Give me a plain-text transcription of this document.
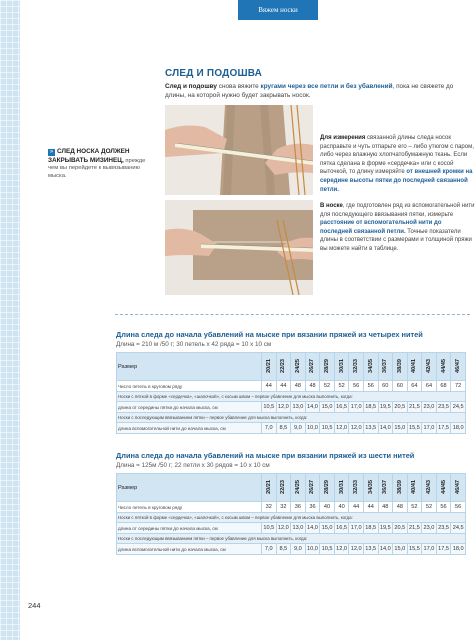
Вяжем носки
СЛЕД И ПОДОШВА
След и подошву снова вяжите кругами через все петли и без убавлений, пока не свяжете до длины, на которой нужно будет закрывать носок.
» СЛЕД НОСКА ДОЛЖЕН ЗАКРЫВАТЬ МИЗИНЕЦ, прежде чем вы перейдете к вывязыванию мыска.
Для измерения связанной длины следа носок расправьте и чуть отпарьте его – либо утюгом с паром, либо через влажную хлопчатобумажную ткань. Если пятка сделана в форме «сердечка» или с косой выточкой, то длину измеряйте от внешней кромки на середине высоты пятки до последней связанной петли.
В носке, где подготовлен ряд из вспомогательной нити для последующего ввязывания пятки, измерьте расстояние от вспомогательной нити до последней связанной петли. Точные показатели длины в соответствии с размерами и толщиной пряжи вы можете найти в таблице.
Длина следа до начала убавлений на мыске при вязании пряжей из четырех нитей
Длина = 210 м /50 г; 30 петель x 42 ряда = 10 x 10 см
Размер	20/21	22/23	24/25	26/27	28/29	30/31	32/33	34/35	36/37	38/39	40/41	42/43	44/45	46/47
Число петель в круговом ряду	44	44	48	48	52	52	56	56	60	60	64	64	68	72
Носки с пяткой в форме «сердечка», «шапочкой», с косым швом – первое убавление для мыска выполнить, когда:														
длина от середины пятки до начала мыска, см	10,5	12,0	13,0	14,0	15,0	16,5	17,0	18,5	19,5	20,5	21,5	23,0	23,5	24,5
Носки с последующим ввязыванием пятки – первое убавление для мыска выполнить, когда:														
длина вспомогательной нити до начала мыска, см	7,0	8,5	9,0	10,0	10,5	12,0	12,0	13,5	14,0	15,0	15,5	17,0	17,5	18,0
Длина следа до начала убавлений на мыске при вязании пряжей из шести нитей
Длина = 125м /50 г; 22 петли x 30 рядов = 10 x 10 см
Размер	20/21	22/23	24/25	26/27	28/29	30/31	32/33	34/35	36/37	38/39	40/41	42/43	44/45	46/47
Число петель в круговом ряду	32	32	36	36	40	40	44	44	48	48	52	52	56	56
Носки с пяткой в форме «сердечка», «шапочкой», с косым швом – первое убавление для мыска выполнить, когда:														
длина от середины пятки до начала мыска, см	10,5	12,0	13,0	14,0	15,0	16,5	17,0	18,5	19,5	20,5	21,5	23,0	23,5	24,5
Носки с последующим ввязыванием пятки – первое убавление для мыска выполнить, когда:														
длина вспомогательной нити до начала мыска, см	7,0	8,5	9,0	10,0	10,5	12,0	12,0	13,5	14,0	15,0	15,5	17,0	17,5	18,0
244
